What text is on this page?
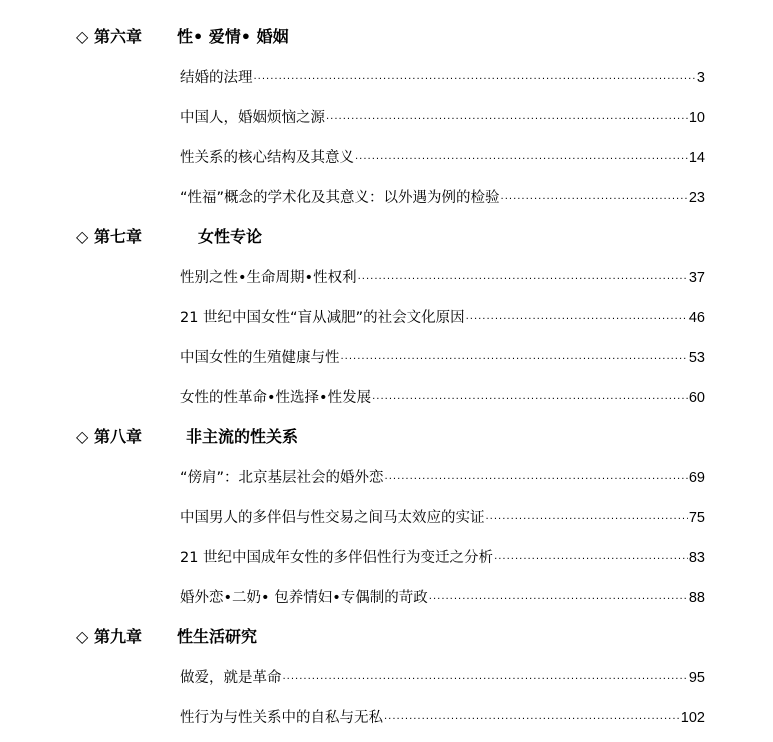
◇ 第六章 性• 爱情• 婚姻
结婚的法理 ·····	3
中国人，婚姻烦恼之源 ·····	10
性关系的核心结构及其意义 ·····	14
“性福”概念的学术化及其意义：以外遇为例的检验 ·····	23
◇ 第七章	女性专论
性别之性•生命周期•性权利 ·····	37
21 世纪中国女性“盲从减肥”的社会文化原因 ·····	46
中国女性的生殖健康与性 ·····	53
女性的性革命•性选择•性发展 ·····	60
◇ 第八章	非主流的性关系
“傍肩”：北京基层社会的婚外恋 ·····	69
中国男人的多伴侣与性交易之间马太效应的实证 ·····	75
21 世纪中国成年女性的多伴侣性行为变迁之分析 ·····	83
婚外恋•二奶• 包养情妇•专偶制的苛政 ·····	88
◇ 第九章 性生活研究
做爱，就是革命 ·····	95
性行为与性关系中的自私与无私 ·····	102
